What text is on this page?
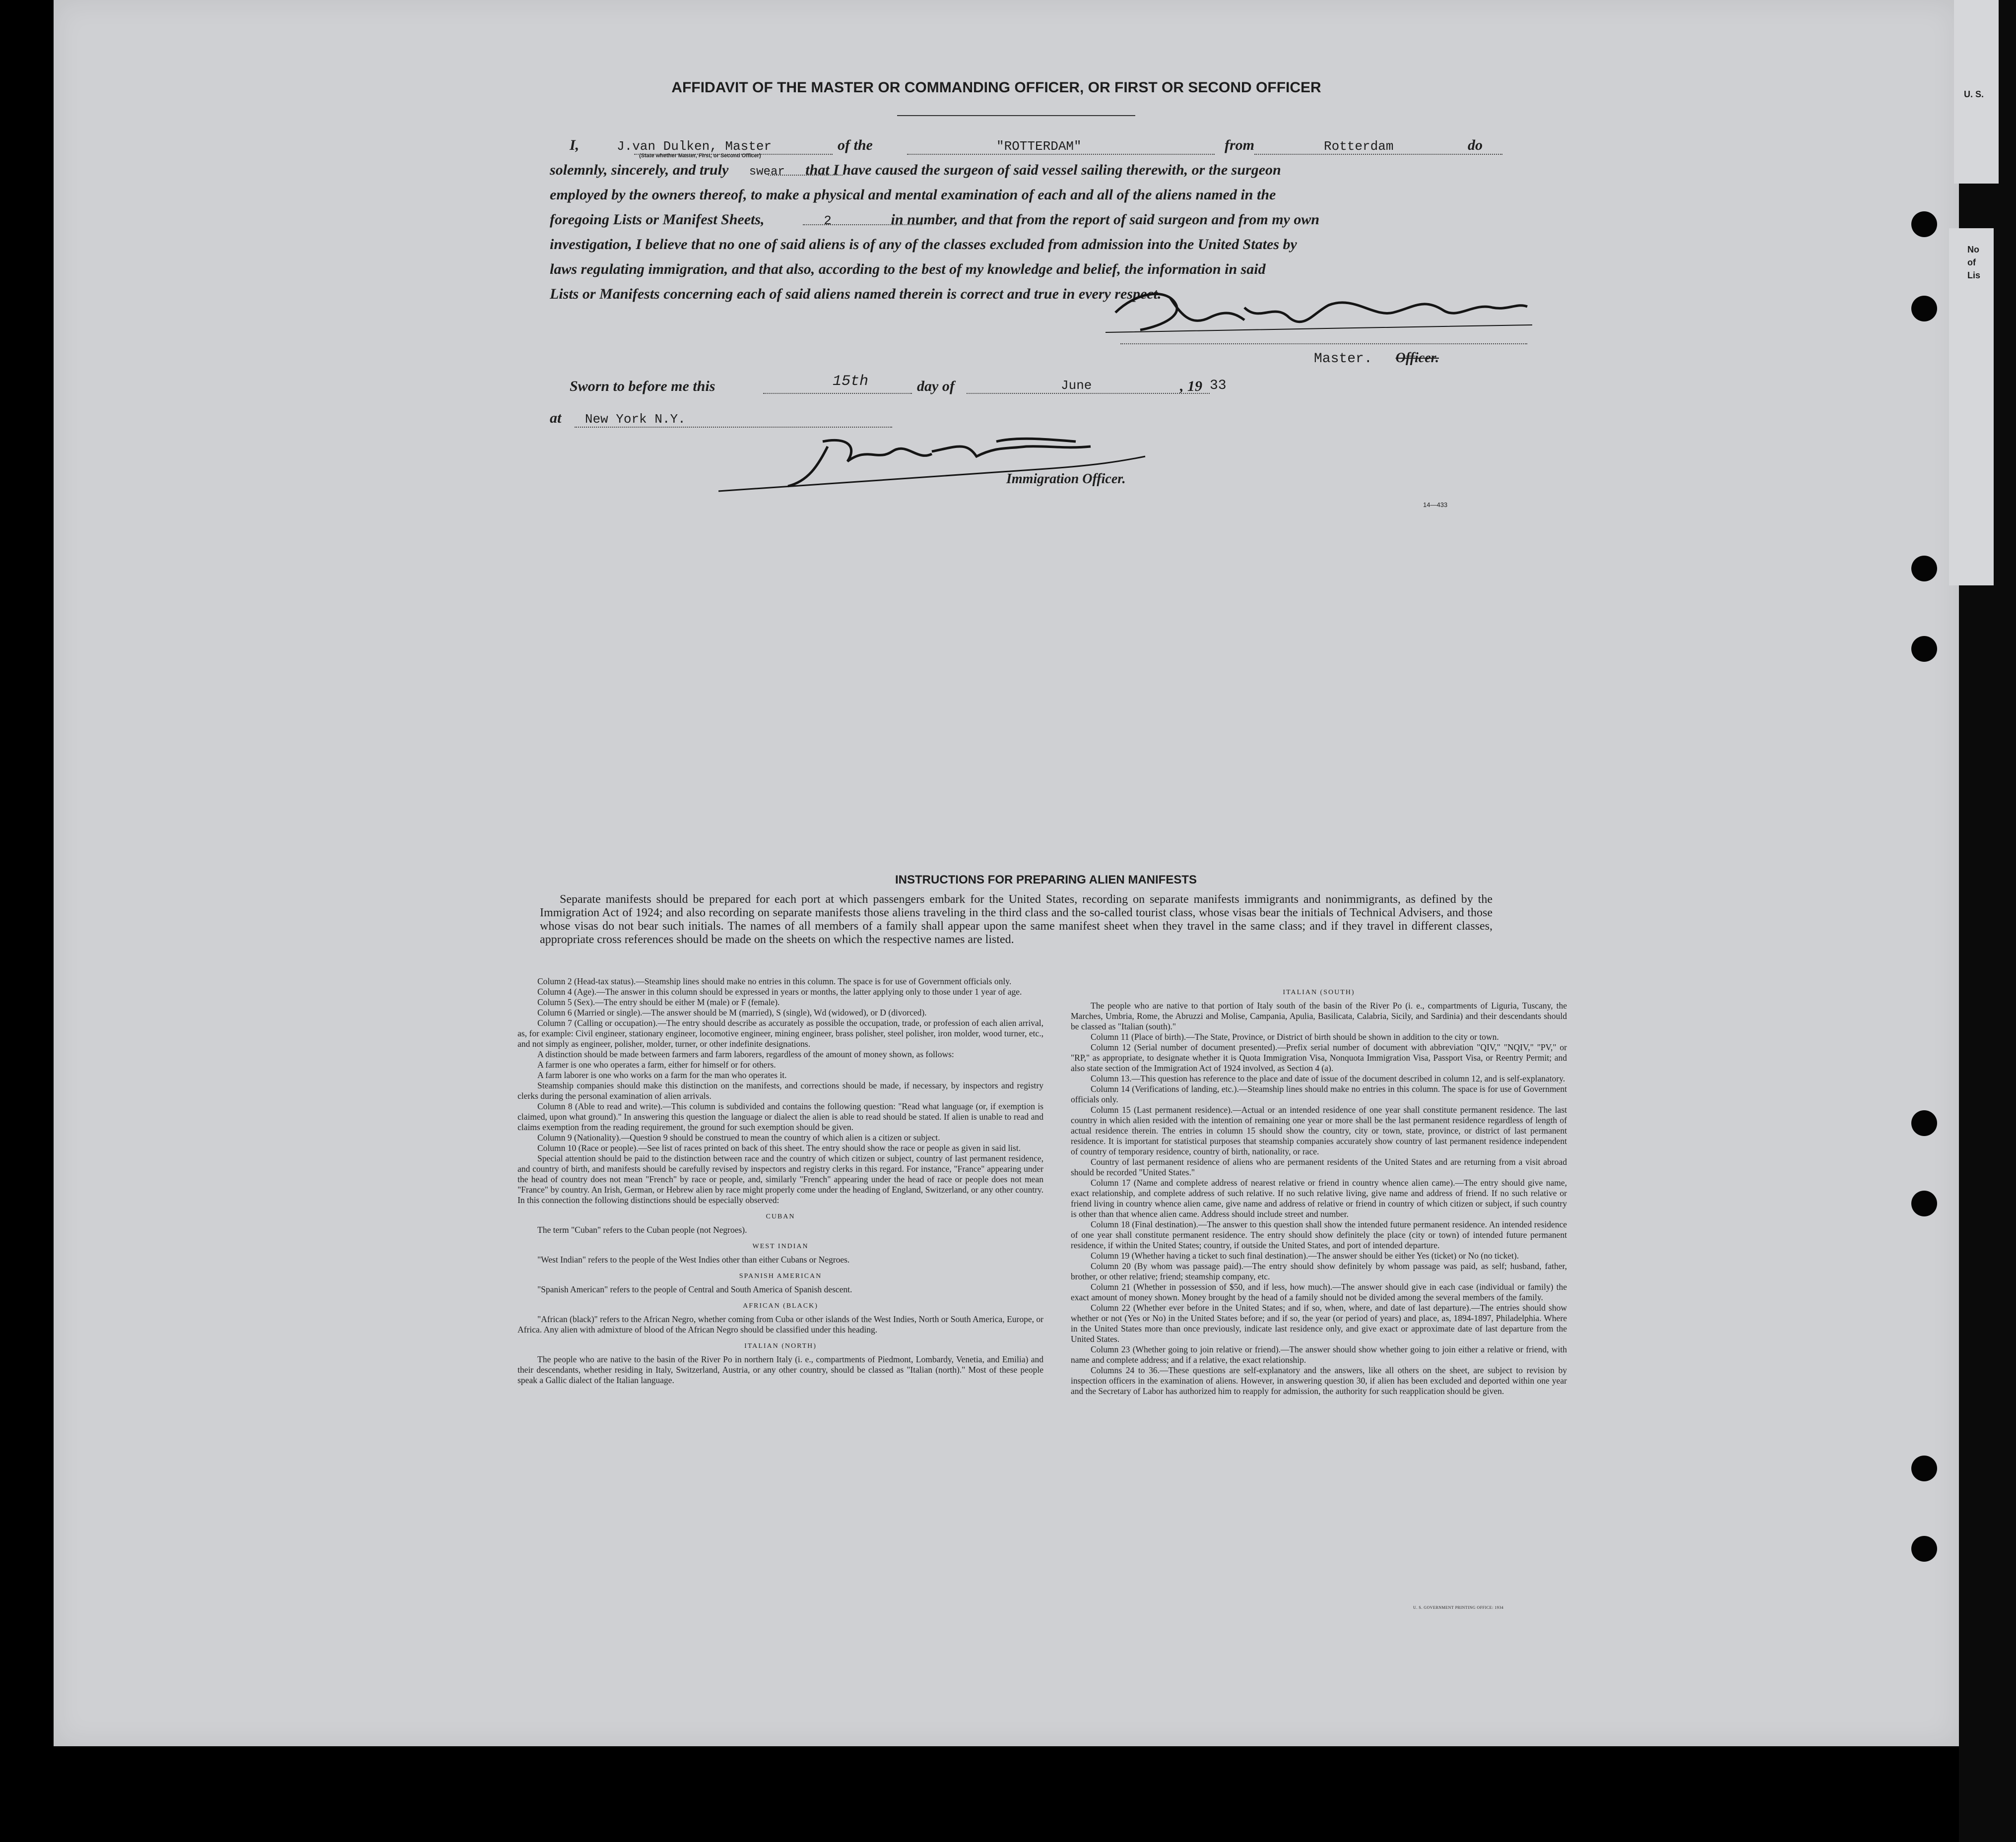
AFFIDAVIT OF THE MASTER OR COMMANDING OFFICER, OR FIRST OR SECOND OFFICER
I,	J.van Dulken, Master	of the	"ROTTERDAM"	from	Rotterdam	do
(State whether Master, First, or Second Officer)
solemnly, sincerely, and truly swear that I have caused the surgeon of said vessel sailing therewith, or the surgeon
employed by the owners thereof, to make a physical and mental examination of each and all of the aliens named in the
foregoing Lists or Manifest Sheets,	2	in number, and that from the report of said surgeon and from my own
investigation, I believe that no one of said aliens is of any of the classes excluded from admission into the United States by
laws regulating immigration, and that also, according to the best of my knowledge and belief, the information in said
Lists or Manifests concerning each of said aliens named therein is correct and true in every respect.
Master. Officer.
Sworn to before me this	15th	day of	June	, 19 33
at New York N.Y.
Immigration Officer.
14—433
INSTRUCTIONS FOR PREPARING ALIEN MANIFESTS
Separate manifests should be prepared for each port at which passengers embark for the United States, recording on separate manifests immigrants and nonimmigrants, as defined by the Immigration Act of 1924; and also recording on separate manifests those aliens traveling in the third class and the so-called tourist class, whose visas bear the initials of Technical Advisers, and those whose visas do not bear such initials. The names of all members of a family shall appear upon the same manifest sheet when they travel in the same class; and if they travel in different classes, appropriate cross references should be made on the sheets on which the respective names are listed.

Column 2 (Head-tax status).—Steamship lines should make no entries in this column. The space is for use of Government officials only.

Column 4 (Age).—The answer in this column should be expressed in years or months, the latter applying only to those under 1 year of age.

Column 5 (Sex).—The entry should be either M (male) or F (female).

Column 6 (Married or single).—The answer should be M (married), S (single), Wd (widowed), or D (divorced).

Column 7 (Calling or occupation).—The entry should describe as accurately as possible the occupation, trade, or profession of each alien arrival, as, for example: Civil engineer, stationary engineer, locomotive engineer, mining engineer, brass polisher, steel polisher, iron molder, wood turner, etc., and not simply as engineer, polisher, molder, turner, or other indefinite designations.

A distinction should be made between farmers and farm laborers, regardless of the amount of money shown, as follows:

A farmer is one who operates a farm, either for himself or for others.

A farm laborer is one who works on a farm for the man who operates it.

Steamship companies should make this distinction on the manifests, and corrections should be made, if necessary, by inspectors and registry clerks during the personal examination of alien arrivals.

Column 8 (Able to read and write).—This column is subdivided and contains the following question: "Read what language (or, if exemption is claimed, upon what ground)." In answering this question the language or dialect the alien is able to read should be stated. If alien is unable to read and claims exemption from the reading requirement, the ground for such exemption should be given.

Column 9 (Nationality).—Question 9 should be construed to mean the country of which alien is a citizen or subject.

Column 10 (Race or people).—See list of races printed on back of this sheet. The entry should show the race or people as given in said list.

Special attention should be paid to the distinction between race and the country of which citizen or subject, country of last permanent residence, and country of birth, and manifests should be carefully revised by inspectors and registry clerks in this regard. For instance, "France" appearing under the head of country does not mean "French" by race or people, and, similarly "French" appearing under the head of race or people does not mean "France" by country. An Irish, German, or Hebrew alien by race might properly come under the heading of England, Switzerland, or any other country. In this connection the following distinctions should be especially observed:

CUBAN

The term "Cuban" refers to the Cuban people (not Negroes).

WEST INDIAN

"West Indian" refers to the people of the West Indies other than either Cubans or Negroes.

SPANISH AMERICAN

"Spanish American" refers to the people of Central and South America of Spanish descent.

AFRICAN (BLACK)

"African (black)" refers to the African Negro, whether coming from Cuba or other islands of the West Indies, North or South America, Europe, or Africa. Any alien with admixture of blood of the African Negro should be classified under this heading.

ITALIAN (NORTH)

The people who are native to the basin of the River Po in northern Italy (i. e., compartments of Piedmont, Lombardy, Venetia, and Emilia) and their descendants, whether residing in Italy, Switzerland, Austria, or any other country, should be classed as "Italian (north)." Most of these people speak a Gallic dialect of the Italian language.

ITALIAN (SOUTH)

The people who are native to that portion of Italy south of the basin of the River Po (i. e., compartments of Liguria, Tuscany, the Marches, Umbria, Rome, the Abruzzi and Molise, Campania, Apulia, Basilicata, Calabria, Sicily, and Sardinia) and their descendants should be classed as "Italian (south)."

Column 11 (Place of birth).—The State, Province, or District of birth should be shown in addition to the city or town.

Column 12 (Serial number of document presented).—Prefix serial number of document with abbreviation "QIV," "NQIV," "PV," or "RP," as appropriate, to designate whether it is Quota Immigration Visa, Nonquota Immigration Visa, Passport Visa, or Reentry Permit; and also state section of the Immigration Act of 1924 involved, as Section 4 (a).

Column 13.—This question has reference to the place and date of issue of the document described in column 12, and is self-explanatory.

Column 14 (Verifications of landing, etc.).—Steamship lines should make no entries in this column. The space is for use of Government officials only.

Column 15 (Last permanent residence).—Actual or an intended residence of one year shall constitute permanent residence. The last country in which alien resided with the intention of remaining one year or more shall be the last permanent residence regardless of length of actual residence therein. The entries in column 15 should show the country, city or town, state, province, or district of last permanent residence. It is important for statistical purposes that steamship companies accurately show country of last permanent residence independent of country of temporary residence, country of birth, nationality, or race.

Country of last permanent residence of aliens who are permanent residents of the United States and are returning from a visit abroad should be recorded "United States."

Column 17 (Name and complete address of nearest relative or friend in country whence alien came).—The entry should give name, exact relationship, and complete address of such relative. If no such relative living, give name and address of friend. If no such relative or friend living in country whence alien came, give name and address of relative or friend in country of which citizen or subject, if such country is other than that whence alien came. Address should include street and number.

Column 18 (Final destination).—The answer to this question shall show the intended future permanent residence. An intended residence of one year shall constitute permanent residence. The entry should show definitely the place (city or town) of intended future permanent residence, if within the United States; country, if outside the United States, and port of intended departure.

Column 19 (Whether having a ticket to such final destination).—The answer should be either Yes (ticket) or No (no ticket).

Column 20 (By whom was passage paid).—The entry should show definitely by whom passage was paid, as self; husband, father, brother, or other relative; friend; steamship company, etc.

Column 21 (Whether in possession of $50, and if less, how much).—The answer should give in each case (individual or family) the exact amount of money shown. Money brought by the head of a family should not be divided among the several members of the family.

Column 22 (Whether ever before in the United States; and if so, when, where, and date of last departure).—The entries should show whether or not (Yes or No) in the United States before; and if so, the year (or period of years) and place, as, 1894-1897, Philadelphia. Where in the United States more than once previously, indicate last residence only, and give exact or approximate date of last departure from the United States.

Column 23 (Whether going to join relative or friend).—The answer should show whether going to join either a relative or friend, with name and complete address; and if a relative, the exact relationship.

Columns 24 to 36.—These questions are self-explanatory and the answers, like all others on the sheet, are subject to revision by inspection officers in the examination of aliens. However, in answering question 30, if alien has been excluded and deported within one year and the Secretary of Labor has authorized him to reapply for admission, the authority for such reapplication should be given.

U. S. GOVERNMENT PRINTING OFFICE: 1934
U. S.
No
of
Lis
